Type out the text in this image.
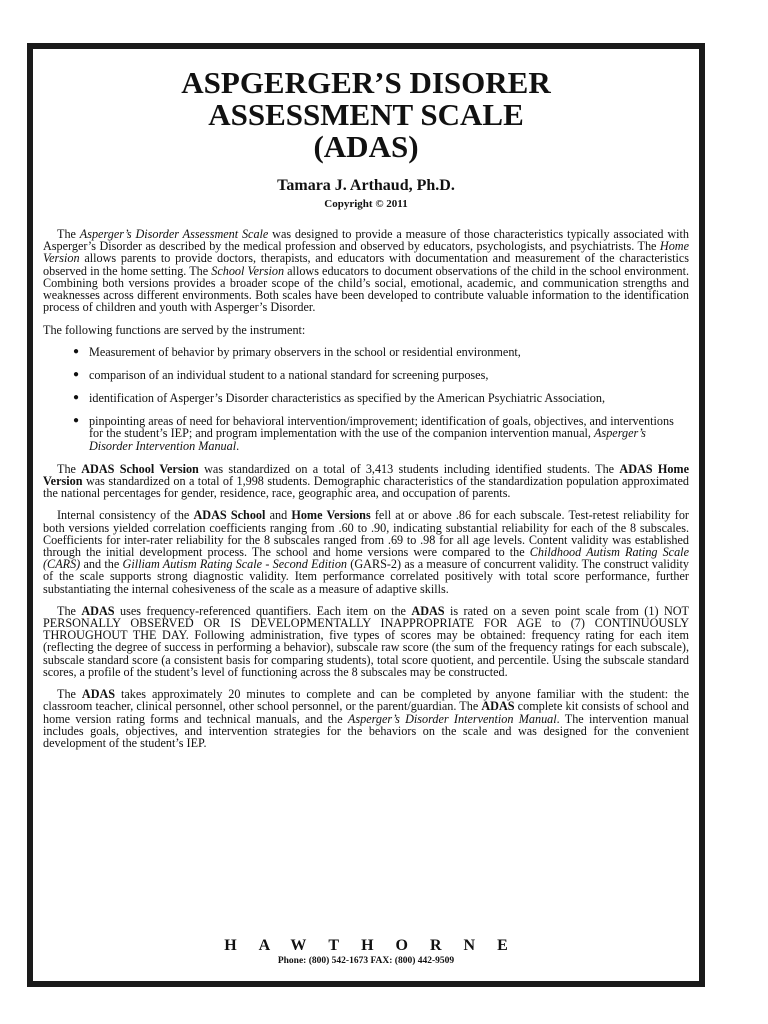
ASPGERGER’S DISORER
ASSESSMENT SCALE
(ADAS)
Tamara J. Arthaud, Ph.D.
Copyright © 2011

The Asperger’s Disorder Assessment Scale was designed to provide a measure of those characteristics typically associated with Asperger’s Disorder as described by the medical profession and observed by educators, psychologists, and psychiatrists. The Home Version allows parents to provide doctors, therapists, and educators with documentation and measurement of the characteristics observed in the home setting. The School Version allows educators to document observations of the child in the school environment. Combining both versions provides a broader scope of the child’s social, emotional, academic, and communication strengths and weaknesses across different environments. Both scales have been developed to contribute valuable information to the identification process of children and youth with Asperger’s Disorder.

The following functions are served by the instrument:
● Measurement of behavior by primary observers in the school or residential environment,
● comparison of an individual student to a national standard for screening purposes,
● identification of Asperger’s Disorder characteristics as specified by the American Psychiatric Association,
● pinpointing areas of need for behavioral intervention/improvement; identification of goals, objectives, and interventions for the student’s IEP; and program implementation with the use of the companion intervention manual, Asperger’s Disorder Intervention Manual.

The ADAS School Version was standardized on a total of 3,413 students including identified students. The ADAS Home Version was standardized on a total of 1,998 students. Demographic characteristics of the standardization population approximated the national percentages for gender, residence, race, geographic area, and occupation of parents.

Internal consistency of the ADAS School and Home Versions fell at or above .86 for each subscale. Test-retest reliability for both versions yielded correlation coefficients ranging from .60 to .90, indicating substantial reliability for each of the 8 subscales. Coefficients for inter-rater reliability for the 8 subscales ranged from .69 to .98 for all age levels. Content validity was established through the initial development process. The school and home versions were compared to the Childhood Autism Rating Scale (CARS) and the Gilliam Autism Rating Scale - Second Edition (GARS-2) as a measure of concurrent validity. The construct validity of the scale supports strong diagnostic validity. Item performance correlated positively with total score performance, further substantiating the internal cohesiveness of the scale as a measure of adaptive skills.

The ADAS uses frequency-referenced quantifiers. Each item on the ADAS is rated on a seven point scale from (1) NOT PERSONALLY OBSERVED OR IS DEVELOPMENTALLY INAPPROPRIATE FOR AGE to (7) CONTINUOUSLY THROUGHOUT THE DAY. Following administration, five types of scores may be obtained: frequency rating for each item (reflecting the degree of success in performing a behavior), subscale raw score (the sum of the frequency ratings for each subscale), subscale standard score (a consistent basis for comparing students), total score quotient, and percentile. Using the subscale standard scores, a profile of the student’s level of functioning across the 8 subscales may be constructed.

The ADAS takes approximately 20 minutes to complete and can be completed by anyone familiar with the student: the classroom teacher, clinical personnel, other school personnel, or the parent/guardian. The ADAS complete kit consists of school and home version rating forms and technical manuals, and the Asperger’s Disorder Intervention Manual. The intervention manual includes goals, objectives, and intervention strategies for the behaviors on the scale and was designed for the convenient development of the student’s IEP.

HAWTHORNE
Phone: (800) 542-1673 FAX: (800) 442-9509
